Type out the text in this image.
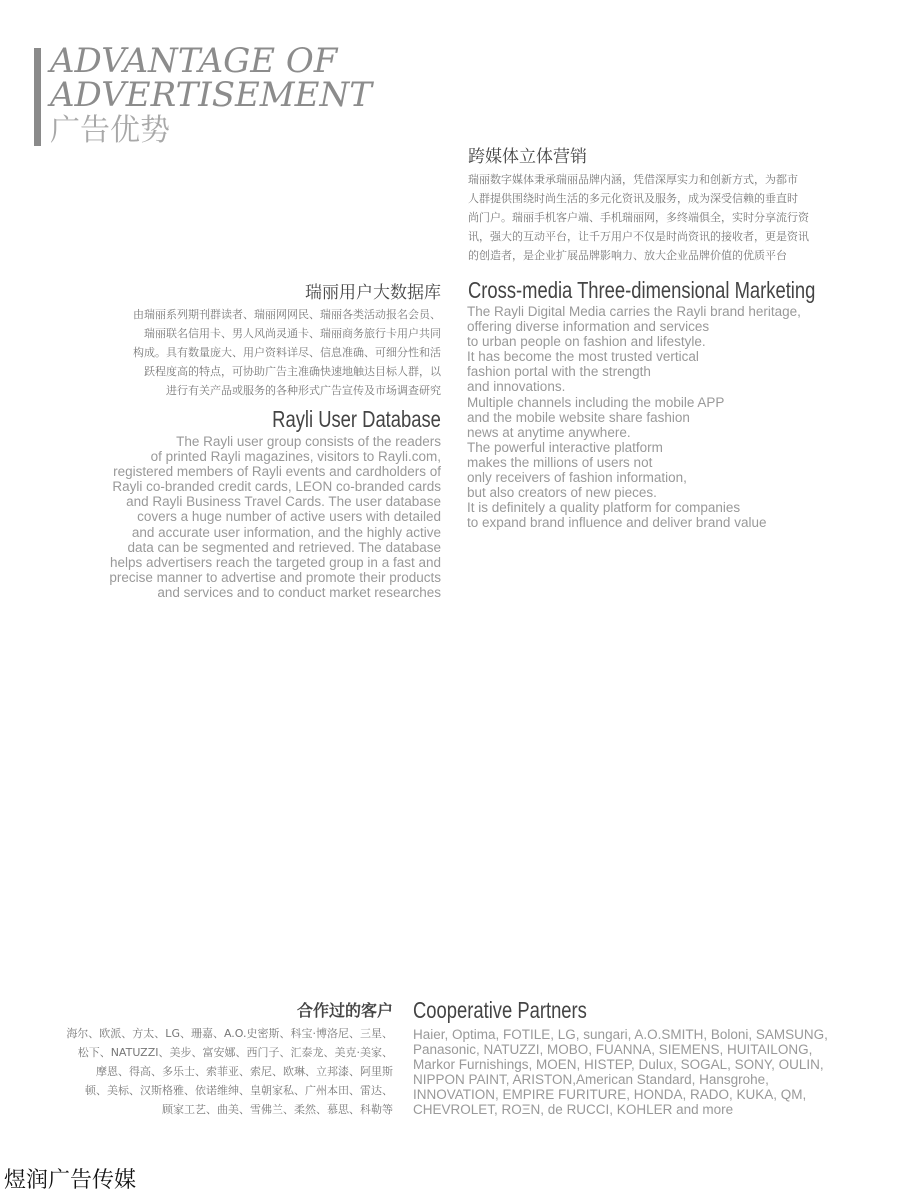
ADVANTAGE OF
ADVERTISEMENT
广告优势
跨媒体立体营销
瑞丽数字媒体秉承瑞丽品牌内涵，凭借深厚实力和创新方式，为都市
人群提供围绕时尚生活的多元化资讯及服务，成为深受信赖的垂直时
尚门户。瑞丽手机客户端、手机瑞丽网，多终端俱全，实时分享流行资
讯，强大的互动平台，让千万用户不仅是时尚资讯的接收者，更是资讯
的创造者，是企业扩展品牌影响力、放大企业品牌价值的优质平台
Cross-media Three-dimensional Marketing
The Rayli Digital Media carries the Rayli brand heritage,
offering diverse information and services
to urban people on fashion and lifestyle.
It has become the most trusted vertical
fashion portal with the strength
and innovations.
Multiple channels including the mobile APP
and the mobile website share fashion
news at anytime anywhere.
The powerful interactive platform
makes the millions of users not
only receivers of fashion information,
but also creators of new pieces.
It is definitely a quality platform for companies
to expand brand influence and deliver brand value
瑞丽用户大数据库
由瑞丽系列期刊群读者、瑞丽网网民、瑞丽各类活动报名会员、
瑞丽联名信用卡、男人风尚灵通卡、瑞丽商务旅行卡用户共同
构成。具有数量庞大、用户资料详尽、信息准确、可细分性和活
跃程度高的特点，可协助广告主准确快速地触达目标人群，以
进行有关产品或服务的各种形式广告宣传及市场调查研究
Rayli User Database
The Rayli user group consists of the readers
of printed Rayli magazines, visitors to Rayli.com,
registered members of Rayli events and cardholders of
Rayli co-branded credit cards, LEON co-branded cards
and Rayli Business Travel Cards. The user database
covers a huge number of active users with detailed
and accurate user information, and the highly active
data can be segmented and retrieved. The database
helps advertisers reach the targeted group in a fast and
precise manner to advertise and promote their products
and services and to conduct market researches
合作过的客户
海尔、欧派、方太、LG、珊嘉、A.O.史密斯、科宝·博洛尼、三星、
松下、NATUZZI、美步、富安娜、西门子、汇泰龙、美克·美家、
摩恩、得高、多乐士、索菲亚、索尼、欧琳、立邦漆、阿里斯
顿、美标、汉斯格雅、依诺维绅、皇朝家私、广州本田、雷达、
顾家工艺、曲美、雪佛兰、柔然、慕思、科勒等
Cooperative Partners
Haier, Optima, FOTILE, LG, sungari, A.O.SMITH, Boloni, SAMSUNG,
Panasonic, NATUZZI, MOBO, FUANNA, SIEMENS, HUITAILONG,
Markor Furnishings, MOEN, HISTEP, Dulux, SOGAL, SONY, OULIN,
NIPPON PAINT, ARISTON,American Standard, Hansgrohe,
INNOVATION, EMPIRE FURITURE, HONDA, RADO, KUKA, QM,
CHEVROLET, ROΞN, de RUCCI, KOHLER and more
煜润广告传媒
